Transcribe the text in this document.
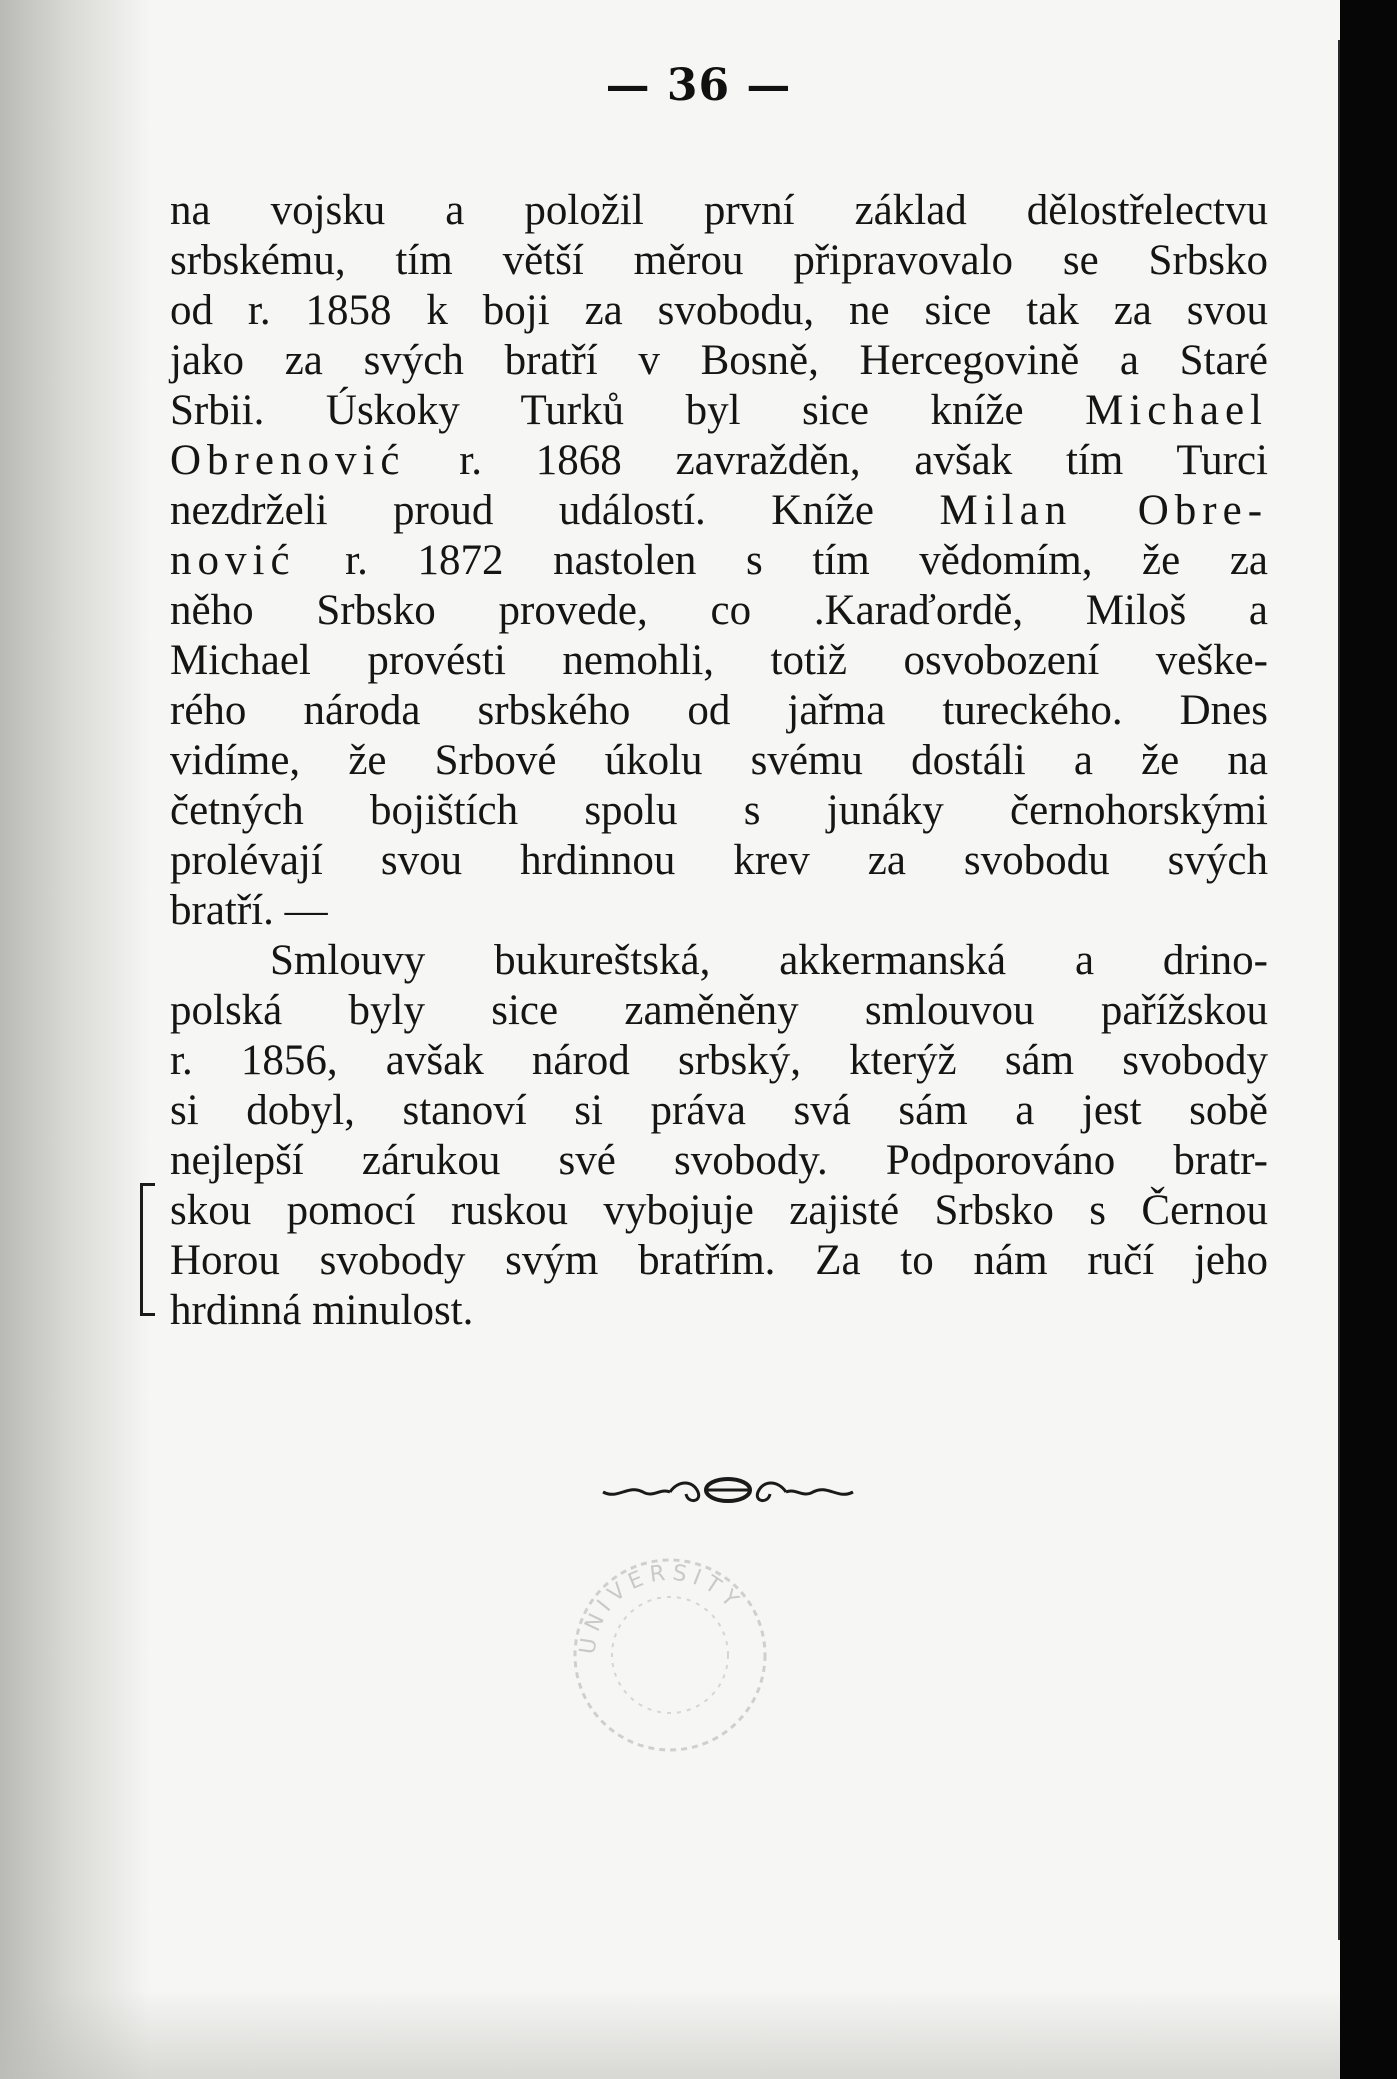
— 36 —
na vojsku a položil první základ dělostřelectvu
srbskému, tím větší měrou připravovalo se Srbsko
od r. 1858 k boji za svobodu, ne sice tak za svou
jako za svých bratří v Bosně, Hercegovině a Staré
Srbii. Úskoky Turků byl sice kníže Michael
Obrenović r. 1868 zavražděn, avšak tím Turci
nezdrželi proud událostí. Kníže Milan Obre-
nović r. 1872 nastolen s tím vědomím, že za
něho Srbsko provede, co .Karaďordě, Miloš a
Michael provésti nemohli, totiž osvobození veške-
rého národa srbského od jařma tureckého. Dnes
vidíme, že Srbové úkolu svému dostáli a že na
četných bojištích spolu s junáky černohorskými
prolévají svou hrdinnou krev za svobodu svých
bratří. —
Smlouvy bukureštská, akkermanská a drino-
polská byly sice zaměněny smlouvou pařížskou
r. 1856, avšak národ srbský, kterýž sám svobody
si dobyl, stanoví si práva svá sám a jest sobě
nejlepší zárukou své svobody. Podporováno bratr-
skou pomocí ruskou vybojuje zajisté Srbsko s Černou
Horou svobody svým bratřím. Za to nám ručí jeho
hrdinná minulost.
UNIVERSITY
